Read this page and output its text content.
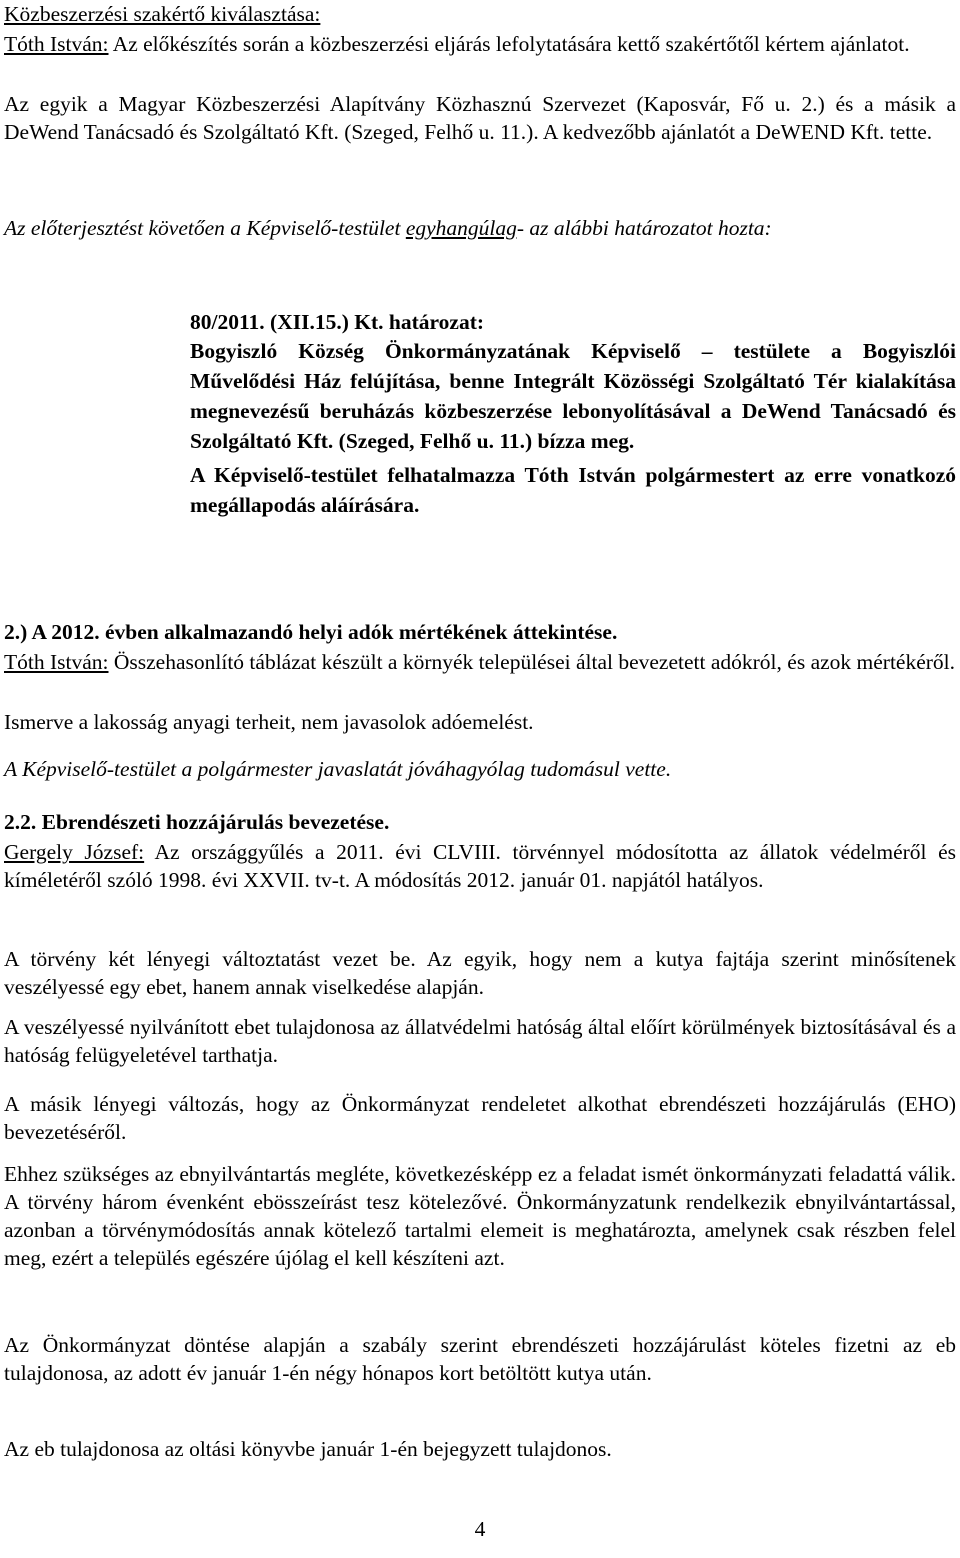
Közbeszerzési szakértő kiválasztása:

Tóth István: Az előkészítés során a közbeszerzési eljárás lefolytatására kettő szakértőtől kértem ajánlatot.

Az egyik a Magyar Közbeszerzési Alapítvány Közhasznú Szervezet (Kaposvár, Fő u. 2.) és a másik a DeWend Tanácsadó és Szolgáltató Kft. (Szeged, Felhő u. 11.). A kedvezőbb ajánlatót a DeWEND Kft. tette.

Az előterjesztést követően a Képviselő-testület egyhangúlag- az alábbi határozatot hozta:

80/2011. (XII.15.) Kt. határozat:

Bogyiszló Község Önkormányzatának Képviselő – testülete a Bogyiszlói Művelődési Ház felújítása, benne Integrált Közösségi Szolgáltató Tér kialakítása megnevezésű beruházás közbeszerzése lebonyolításával a DeWend Tanácsadó és Szolgáltató Kft. (Szeged, Felhő u. 11.) bízza meg.

A Képviselő-testület felhatalmazza Tóth István polgármestert az erre vonatkozó megállapodás aláírására.

2.) A 2012. évben alkalmazandó helyi adók mértékének áttekintése.

Tóth István: Összehasonlító táblázat készült a környék települései által bevezetett adókról, és azok mértékéről.

Ismerve a lakosság anyagi terheit, nem javasolok adóemelést.

A Képviselő-testület a polgármester javaslatát jóváhagyólag tudomásul vette.

2.2. Ebrendészeti hozzájárulás bevezetése.

Gergely József: Az országgyűlés a 2011. évi CLVIII. törvénnyel módosította az állatok védelméről és kíméletéről szóló 1998. évi XXVII. tv-t. A módosítás 2012. január 01. napjától hatályos.

A törvény két lényegi változtatást vezet be. Az egyik, hogy nem a kutya fajtája szerint minősítenek veszélyessé egy ebet, hanem annak viselkedése alapján.

A veszélyessé nyilvánított ebet tulajdonosa az állatvédelmi hatóság által előírt körülmények biztosításával és a hatóság felügyeletével tarthatja.

A másik lényegi változás, hogy az Önkormányzat rendeletet alkothat ebrendészeti hozzájárulás (EHO) bevezetéséről.

Ehhez szükséges az ebnyilvántartás megléte, következésképp ez a feladat ismét önkormányzati feladattá válik. A törvény három évenként ebösszeírást tesz kötelezővé. Önkormányzatunk rendelkezik ebnyilvántartással, azonban a törvénymódosítás annak kötelező tartalmi elemeit is meghatározta, amelynek csak részben felel meg, ezért a település egészére újólag el kell készíteni azt.

Az Önkormányzat döntése alapján a szabály szerint ebrendészeti hozzájárulást köteles fizetni az eb tulajdonosa, az adott év január 1-én négy hónapos kort betöltött kutya után.

Az eb tulajdonosa az oltási könyvbe január 1-én bejegyzett tulajdonos.

4
